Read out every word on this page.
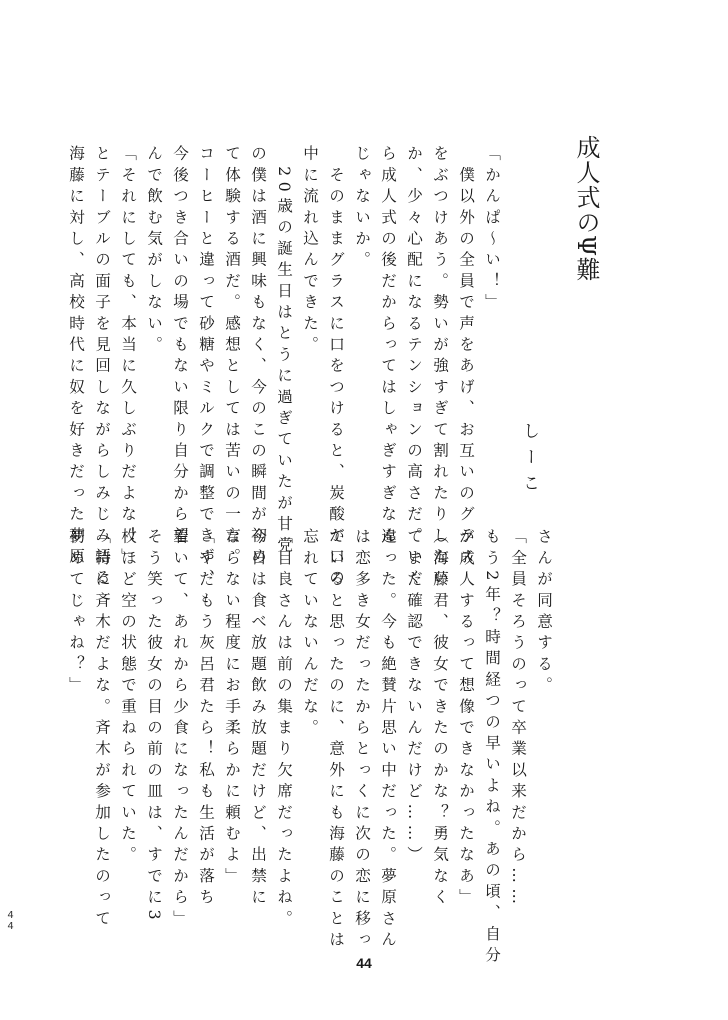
成人式のΨ難
しーこ
「かんぱ〜い！」
　僕以外の全員で声をあげ、お互いのグラス
をぶつけあう。勢いが強すぎて割れたりしない
か、少々心配になるテンションの高さだ。いく
ら成人式の後だからってはしゃぎすぎなん
じゃないか。
　そのままグラスに口をつけると、炭酸が口の
中に流れ込んできた。
　20歳の誕生日はとうに過ぎていたが甘党
の僕は酒に興味もなく、今のこの瞬間が初め
て体験する酒だ。感想としては苦いの一言。
コーヒーと違って砂糖やミルクで調整できず、
今後つき合いの場でもない限り自分から望
んで飲む気がしない。
「それにしても、本当に久しぶりだよな！」
とテーブルの面子を見回しながらしみじみ語る
海藤に対し、高校時代に奴を好きだった夢原
さんが同意する。
「全員そろうのって卒業以来だから……
もう2年？時間経つの早いよね。あの頃、自分
が成人するって想像できなかったなあ」
（海藤君、彼女できたのかな？勇気なく
てまだ確認できないんだけど……）
違った。今も絶賛片思い中だった。夢原さん
は恋多き女だったからとっくに次の恋に移っ
ていると思ったのに、意外にも海藤のことは
忘れていないんだな。
「目良さんは前の集まり欠席だったよね。
今日は食べ放題飲み放題だけど、出禁に
ならない程度にお手柔らかに頼むよ」
「やだもう灰呂君たら！私も生活が落ち
着いて、あれから少食になったんだから」
そう笑った彼女の目の前の皿は、すでに3
枚ほど空の状態で重ねられていた。
「特に斉木だよな。斉木が参加したのって
初めてじゃね？」
44
44
